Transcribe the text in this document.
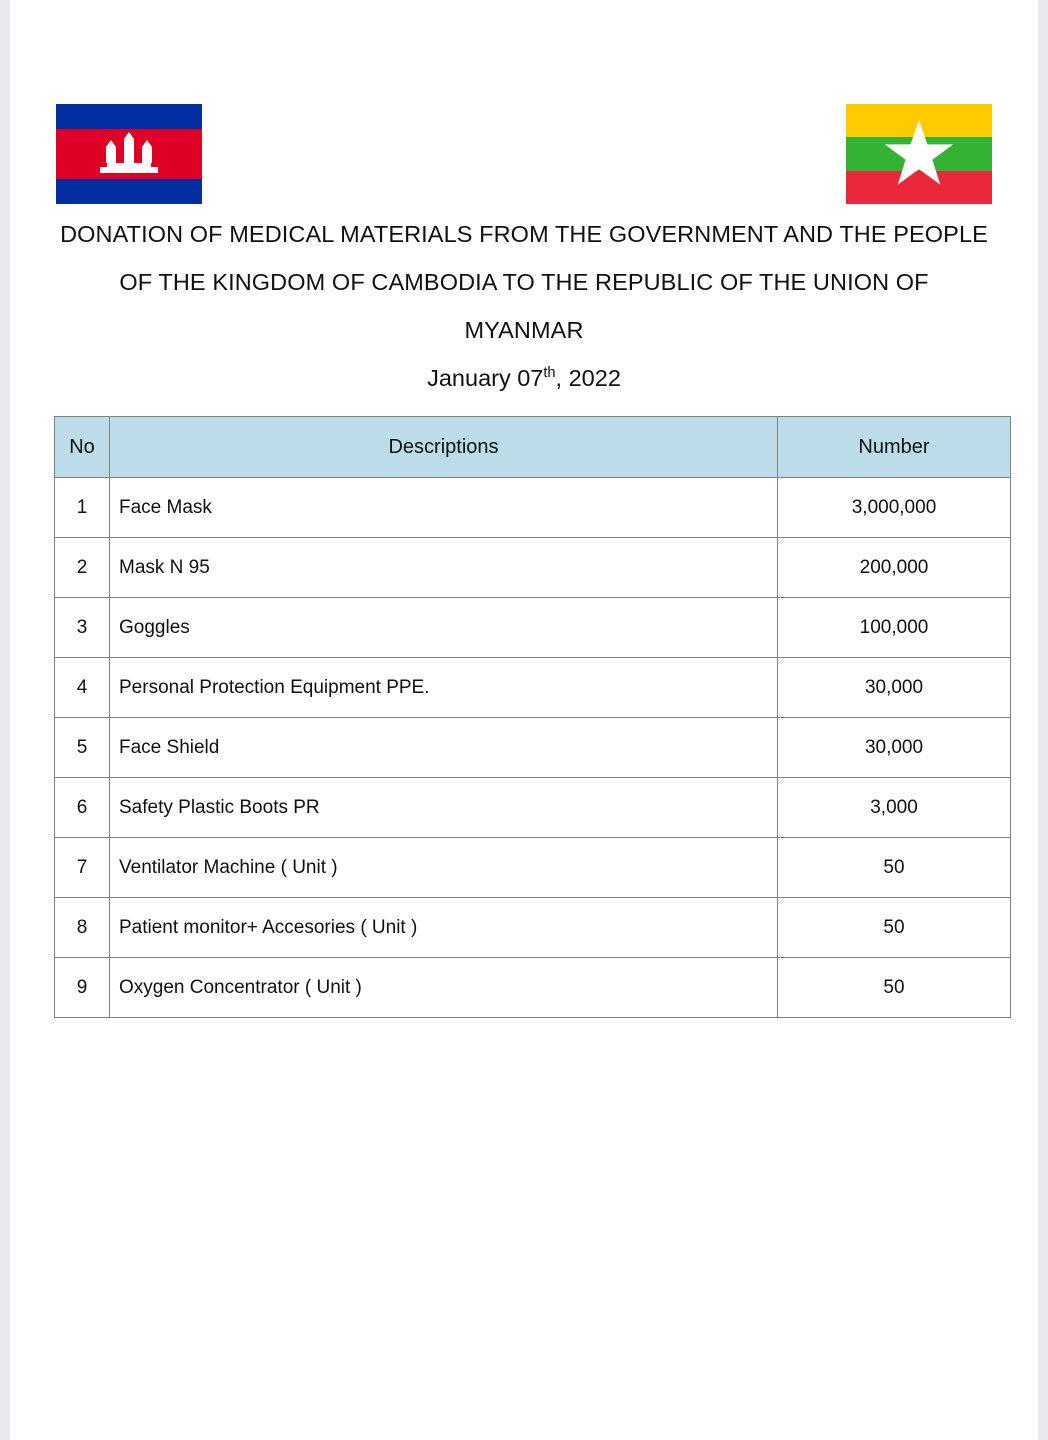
DONATION OF MEDICAL MATERIALS FROM THE GOVERNMENT AND THE PEOPLE
OF THE KINGDOM OF CAMBODIA TO THE REPUBLIC OF THE UNION OF MYANMAR
January 07th, 2022
No	Descriptions	Number
1	Face Mask	3,000,000
2	Mask N 95	200,000
3	Goggles	100,000
4	Personal Protection Equipment PPE.	30,000
5	Face Shield	30,000
6	Safety Plastic Boots PR	3,000
7	Ventilator Machine ( Unit )	50
8	Patient monitor+ Accesories ( Unit )	50
9	Oxygen Concentrator ( Unit )	50
